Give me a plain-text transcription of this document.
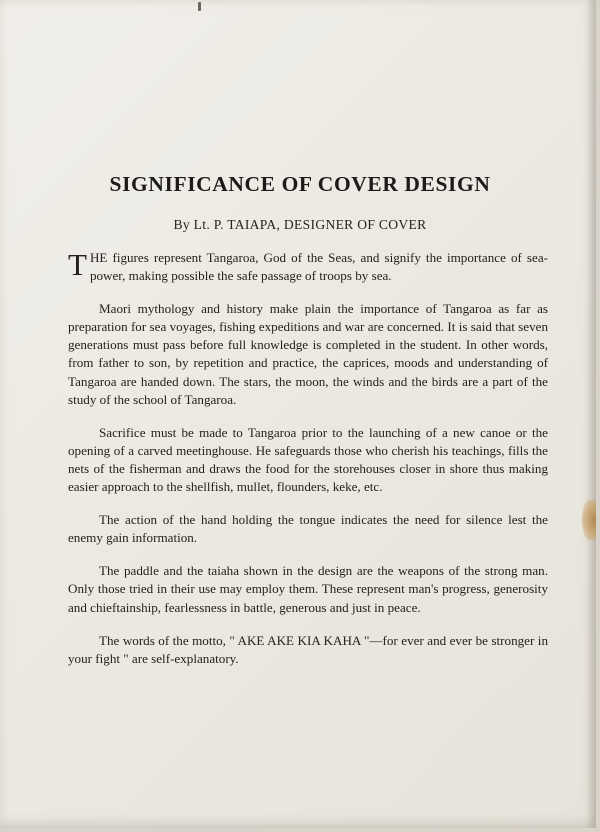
SIGNIFICANCE OF COVER DESIGN
By Lt. P. TAIAPA, DESIGNER OF COVER

THE figures represent Tangaroa, God of the Seas, and signify the importance of sea-power, making possible the safe passage of troops by sea.

Maori mythology and history make plain the importance of Tangaroa as far as preparation for sea voyages, fishing expeditions and war are concerned. It is said that seven generations must pass before full knowledge is completed in the student. In other words, from father to son, by repetition and practice, the caprices, moods and understanding of Tangaroa are handed down. The stars, the moon, the winds and the birds are a part of the study of the school of Tangaroa.

Sacrifice must be made to Tangaroa prior to the launching of a new canoe or the opening of a carved meetinghouse. He safeguards those who cherish his teachings, fills the nets of the fisherman and draws the food for the storehouses closer in shore thus making easier approach to the shellfish, mullet, flounders, keke, etc.

The action of the hand holding the tongue indicates the need for silence lest the enemy gain information.

The paddle and the taiaha shown in the design are the weapons of the strong man. Only those tried in their use may employ them. These represent man's progress, generosity and chieftainship, fearlessness in battle, generous and just in peace.

The words of the motto, " AKE AKE KIA KAHA "—for ever and ever be stronger in your fight " are self-explanatory.
